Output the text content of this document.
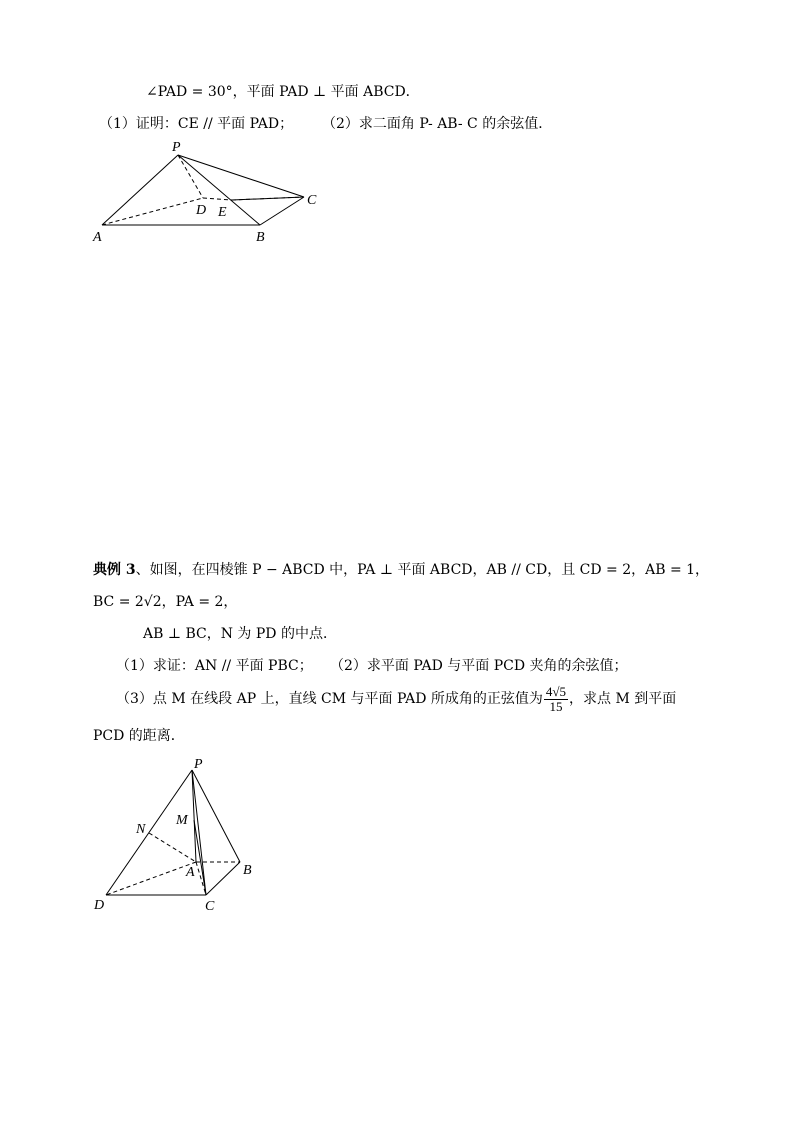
∠PAD = 30°，平面 PAD ⊥ 平面 ABCD．
（1）证明：CE // 平面 PAD； （2）求二面角 P- AB- C 的余弦值．
P
A	B
C
D E
典例 3、如图，在四棱锥 P − ABCD 中，PA ⊥ 平面 ABCD，AB // CD，且 CD = 2，AB = 1，
BC = 2√2，PA = 2，
AB ⊥ BC，N 为 PD 的中点．
（1）求证：AN // 平面 PBC； （2）求平面 PAD 与平面 PCD 夹角的余弦值；
（3）点 M 在线段 AP 上，直线 CM 与平面 PAD 所成角的正弦值为 $\frac{4√5}{15}$ ，求点 M 到平面
PCD 的距离．
P
N
M
A	B
C
D
